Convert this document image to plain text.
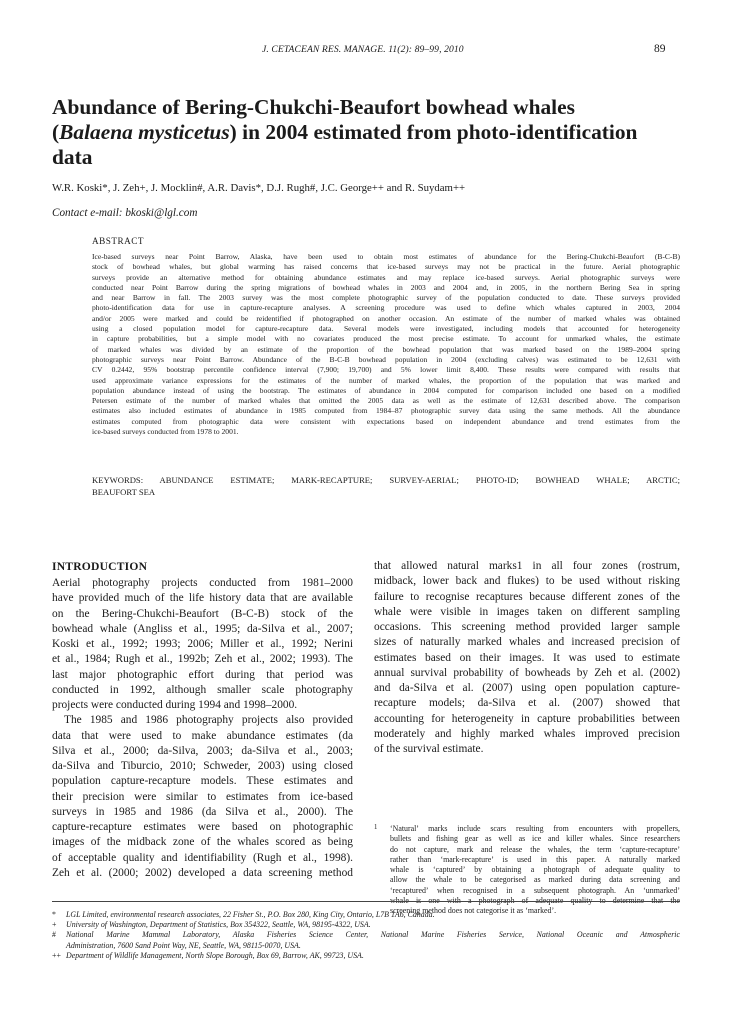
J. CETACEAN RES. MANAGE. 11(2): 89–99, 2010	89
Abundance of Bering-Chukchi-Beaufort bowhead whales
(Balaena mysticetus) in 2004 estimated from photo-identification
data
W.R. Koski*, J. Zeh+, J. Mocklin#, A.R. Davis*, D.J. Rugh#, J.C. George++ and R. Suydam++
Contact e-mail: bkoski@lgl.com
ABSTRACT
Ice-based surveys near Point Barrow, Alaska, have been used to obtain most estimates of abundance for the Bering-Chukchi-Beaufort (B-C-B)
stock of bowhead whales, but global warming has raised concerns that ice-based surveys may not be practical in the future. Aerial photographic
surveys provide an alternative method for obtaining abundance estimates and may replace ice-based surveys. Aerial photographic surveys were
conducted near Point Barrow during the spring migrations of bowhead whales in 2003 and 2004 and, in 2005, in the northern Bering Sea in spring
and near Barrow in fall. The 2003 survey was the most complete photographic survey of the population conducted to date. These surveys provided
photo-identification data for use in capture-recapture analyses. A screening procedure was used to define which whales captured in 2003, 2004
and/or 2005 were marked and could be reidentified if photographed on another occasion. An estimate of the number of marked whales was obtained
using a closed population model for capture-recapture data. Several models were investigated, including models that accounted for heterogeneity
in capture probabilities, but a simple model with no covariates produced the most precise estimate. To account for unmarked whales, the estimate
of marked whales was divided by an estimate of the proportion of the bowhead population that was marked based on the 1989–2004 spring
photographic surveys near Point Barrow. Abundance of the B-C-B bowhead population in 2004 (excluding calves) was estimated to be 12,631 with
CV 0.2442, 95% bootstrap percentile confidence interval (7,900; 19,700) and 5% lower limit 8,400. These results were compared with results that
used approximate variance expressions for the estimates of the number of marked whales, the proportion of the population that was marked and
population abundance instead of using the bootstrap. The estimates of abundance in 2004 computed for comparison included one based on a modified
Petersen estimate of the number of marked whales that omitted the 2005 data as well as the estimate of 12,631 described above. The comparison
estimates also included estimates of abundance in 1985 computed from 1984–87 photographic survey data using the same methods. All the abundance
estimates computed from photographic data were consistent with expectations based on independent abundance and trend estimates from the
ice-based surveys conducted from 1978 to 2001.
KEYWORDS: ABUNDANCE ESTIMATE; MARK-RECAPTURE; SURVEY-AERIAL; PHOTO-ID; BOWHEAD WHALE; ARCTIC;
BEAUFORT SEA
INTRODUCTION
Aerial photography projects conducted from 1981–2000
have provided much of the life history data that are available
on the Bering-Chukchi-Beaufort (B-C-B) stock of the
bowhead whale (Angliss et al., 1995; da-Silva et al., 2007;
Koski et al., 1992; 1993; 2006; Miller et al., 1992; Nerini
et al., 1984; Rugh et al., 1992b; Zeh et al., 2002; 1993). The
last major photographic effort during that period was
conducted in 1992, although smaller scale photography
projects were conducted during 1994 and 1998–2000.
The 1985 and 1986 photography projects also provided
data that were used to make abundance estimates (da
Silva et al., 2000; da-Silva, 2003; da-Silva et al., 2003;
da-Silva and Tiburcio, 2010; Schweder, 2003) using closed
population capture-recapture models. These estimates and
their precision were similar to estimates from ice-based
surveys in 1985 and 1986 (da Silva et al., 2000). The
capture-recapture estimates were based on photographic
images of the midback zone of the whales scored as being
of acceptable quality and identifiability (Rugh et al., 1998).
Zeh et al. (2000; 2002) developed a data screening method
that allowed natural marks1 in all four zones (rostrum,
midback, lower back and flukes) to be used without risking
failure to recognise recaptures because different zones of the
whale were visible in images taken on different sampling
occasions. This screening method provided larger sample
sizes of naturally marked whales and increased precision of
estimates based on their images. It was used to estimate
annual survival probability of bowheads by Zeh et al. (2002)
and da-Silva et al. (2007) using open population capture-
recapture models; da-Silva et al. (2007) showed that
accounting for heterogeneity in capture probabilities between
moderately and highly marked whales improved precision
of the survival estimate.
1 ‘Natural’ marks include scars resulting from encounters with propellers,
bullets and fishing gear as well as ice and killer whales. Since researchers
do not capture, mark and release the whales, the term ‘capture-recapture’
rather than ‘mark-recapture’ is used in this paper. A naturally marked
whale is ‘captured’ by obtaining a photograph of adequate quality to
allow the whale to be categorised as marked during data screening and
‘recaptured’ when recognised in a subsequent photograph. An ‘unmarked’
whale is one with a photograph of adequate quality to determine that the
screening method does not categorise it as ‘marked’.
* LGL Limited, environmental research associates, 22 Fisher St., P.O. Box 280, King City, Ontario, L7B 1A6, Canada.
+ University of Washington, Department of Statistics, Box 354322, Seattle, WA, 98195-4322, USA.
# National Marine Mammal Laboratory, Alaska Fisheries Science Center, National Marine Fisheries Service, National Oceanic and Atmospheric
Administration, 7600 Sand Point Way, NE, Seattle, WA, 98115-0070, USA.
++ Department of Wildlife Management, North Slope Borough, Box 69, Barrow, AK, 99723, USA.
